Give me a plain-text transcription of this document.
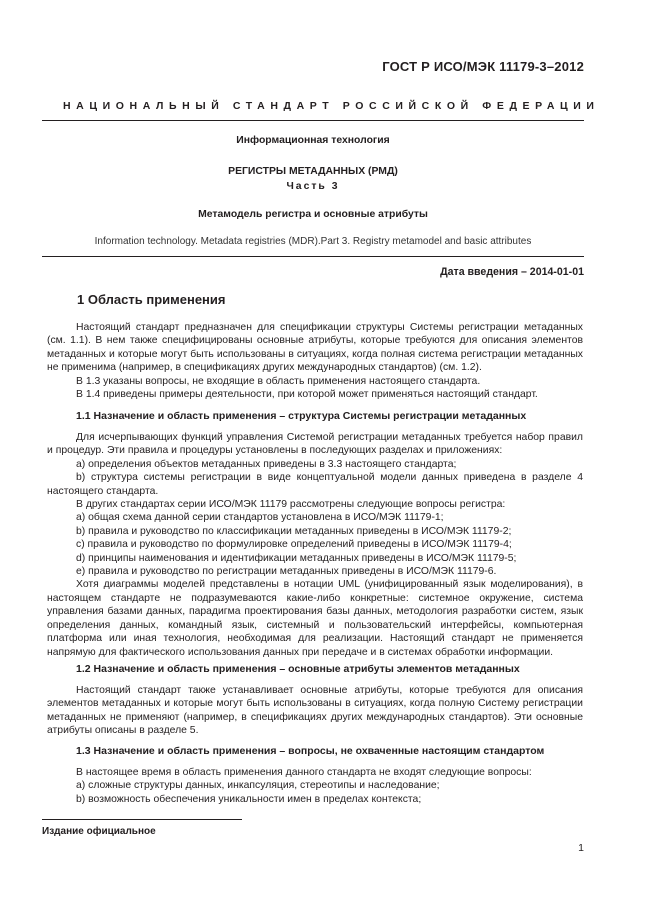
ГОСТ Р ИСО/МЭК 11179-3–2012
НАЦИОНАЛЬНЫЙ СТАНДАРТ РОССИЙСКОЙ ФЕДЕРАЦИИ
Информационная технология
РЕГИСТРЫ МЕТАДАННЫХ (РМД)
Часть 3
Метамодель регистра и основные атрибуты
Information technology. Metadata registries (MDR).Part 3. Registry metamodel and basic attributes
Дата введения – 2014-01-01
1 Область применения

Настоящий стандарт предназначен для спецификации структуры Системы регистрации метаданных (см. 1.1). В нем также специфицированы основные атрибуты, которые требуются для описания элементов метаданных и которые могут быть использованы в ситуациях, когда полная система регистрации метаданных не применима (например, в спецификациях других международных стандартов) (см. 1.2).

В 1.3 указаны вопросы, не входящие в область применения настоящего стандарта.

В 1.4 приведены примеры деятельности, при которой может применяться настоящий стандарт.

1.1 Назначение и область применения – структура Системы регистрации метаданных

Для исчерпывающих функций управления Системой регистрации метаданных требуется набор правил и процедур. Эти правила и процедуры установлены в последующих разделах и приложениях:

а) определения объектов метаданных приведены в 3.3 настоящего стандарта;

b) структура системы регистрации в виде концептуальной модели данных приведена в разделе 4 настоящего стандарта.

В других стандартах серии ИСО/МЭК 11179 рассмотрены следующие вопросы регистра:

а) общая схема данной серии стандартов установлена в ИСО/МЭК 11179-1;

b) правила и руководство по классификации метаданных приведены в ИСО/МЭК 11179-2;

c) правила и руководство по формулировке определений приведены в ИСО/МЭК 11179-4;

d) принципы наименования и идентификации метаданных приведены в ИСО/МЭК 11179-5;

e) правила и руководство по регистрации метаданных приведены в ИСО/МЭК 11179-6.

Хотя диаграммы моделей представлены в нотации UML (унифицированный язык моделирования), в настоящем стандарте не подразумеваются какие-либо конкретные: системное окружение, система управления базами данных, парадигма проектирования базы данных, методология разработки систем, язык определения данных, командный язык, системный и пользовательский интерфейсы, компьютерная платформа или иная технология, необходимая для реализации. Настоящий стандарт не применяется напрямую для фактического использования данных при передаче и в системах обработки информации.

1.2 Назначение и область применения – основные атрибуты элементов метаданных

Настоящий стандарт также устанавливает основные атрибуты, которые требуются для описания элементов метаданных и которые могут быть использованы в ситуациях, когда полную Систему регистрации метаданных не применяют (например, в спецификациях других международных стандартов). Эти основные атрибуты описаны в разделе 5.

1.3 Назначение и область применения – вопросы, не охваченные настоящим стандартом

В настоящее время в область применения данного стандарта не входят следующие вопросы:

а) сложные структуры данных, инкапсуляция, стереотипы и наследование;

b) возможность обеспечения уникальности имен в пределах контекста;

Издание официальное
1
